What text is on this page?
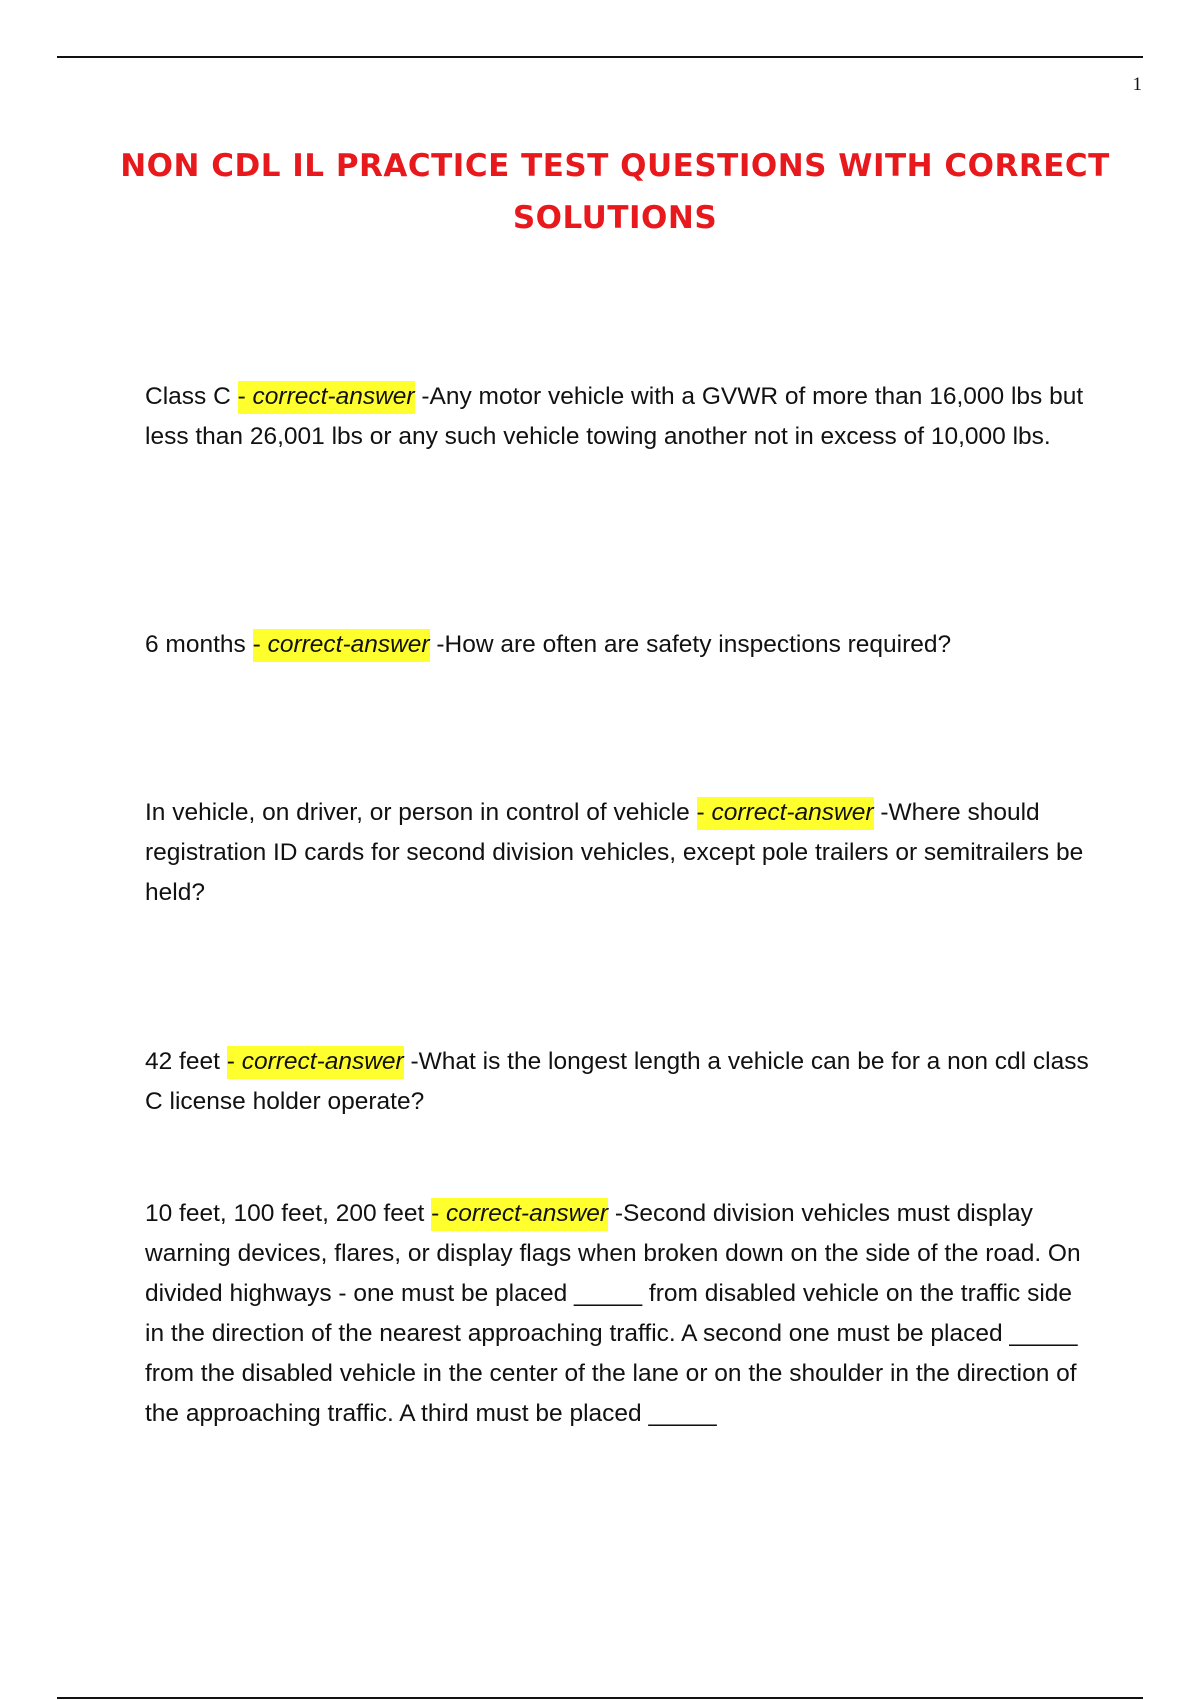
1
NON CDL IL PRACTICE TEST QUESTIONS WITH CORRECT SOLUTIONS

Class C - correct-answer -Any motor vehicle with a GVWR of more than 16,000 lbs but less than 26,001 lbs or any such vehicle towing another not in excess of 10,000 lbs.

6 months - correct-answer -How are often are safety inspections required?

In vehicle, on driver, or person in control of vehicle - correct-answer -Where should registration ID cards for second division vehicles, except pole trailers or semitrailers be held?

42 feet - correct-answer -What is the longest length a vehicle can be for a non cdl class C license holder operate?

10 feet, 100 feet, 200 feet - correct-answer -Second division vehicles must display warning devices, flares, or display flags when broken down on the side of the road. On divided highways - one must be placed _____ from disabled vehicle on the traffic side in the direction of the nearest approaching traffic. A second one must be placed _____ from the disabled vehicle in the center of the lane or on the shoulder in the direction of the approaching traffic. A third must be placed _____
